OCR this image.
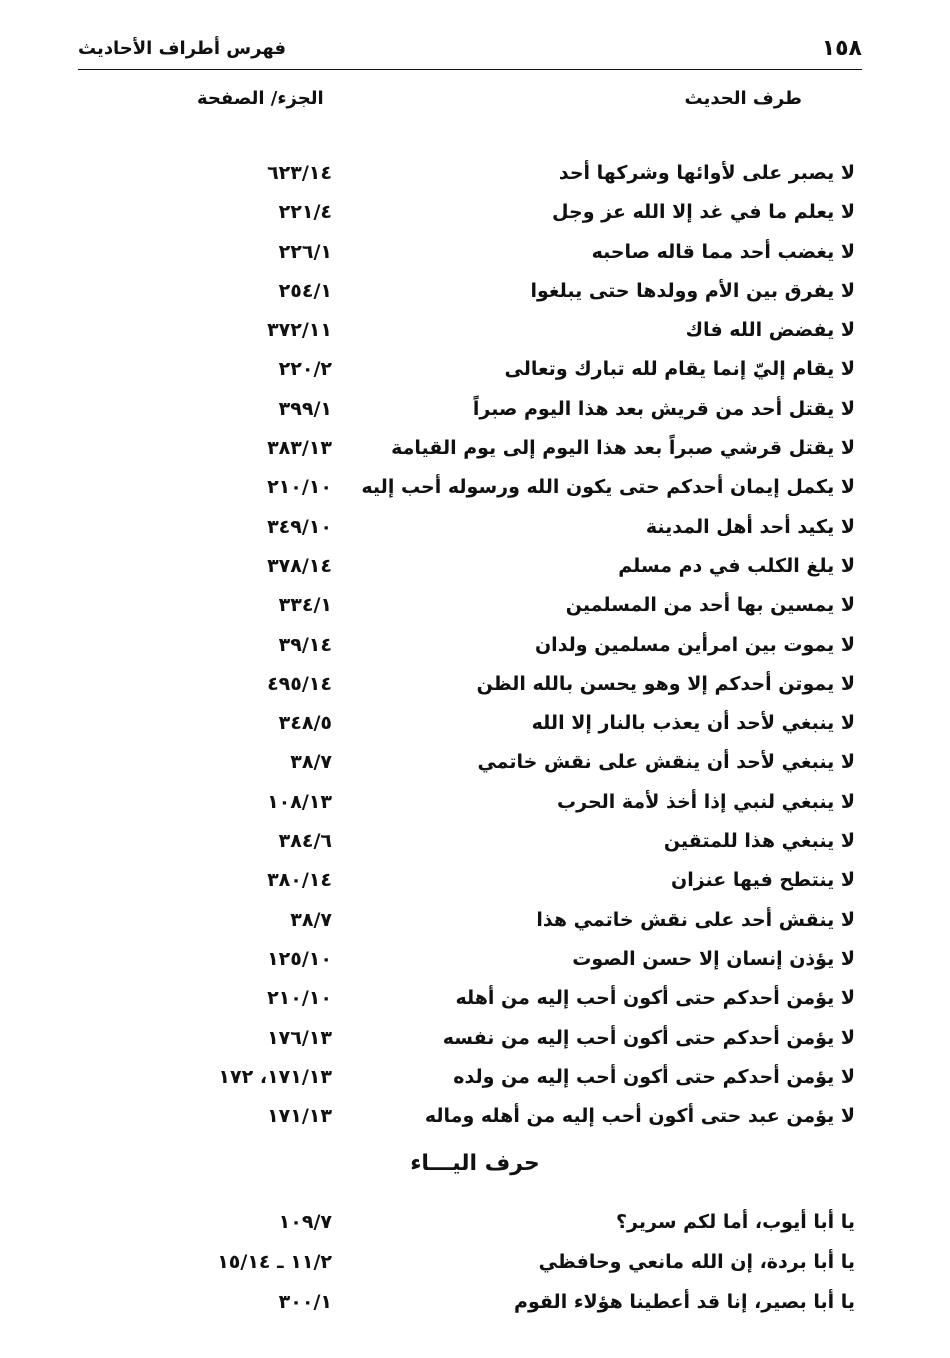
١٥٨
فهرس أطراف الأحاديث
طرف الحديث
الجزء/ الصفحة
لا يصبر على لأوائها وشركها أحد
٦٢٣/١٤
لا يعلم ما في غد إلا الله عز وجل
٢٢١/٤
لا يغضب أحد مما قاله صاحبه
٢٢٦/١
لا يفرق بين الأم وولدها حتى يبلغوا
٢٥٤/١
لا يفضض الله فاك
٣٧٢/١١
لا يقام إليّ إنما يقام لله تبارك وتعالى
٢٢٠/٢
لا يقتل أحد من قريش بعد هذا اليوم صبراً
٣٩٩/١
لا يقتل قرشي صبراً بعد هذا اليوم إلى يوم القيامة
٣٨٣/١٣
لا يكمل إيمان أحدكم حتى يكون الله ورسوله أحب إليه
٢١٠/١٠
لا يكيد أحد أهل المدينة
٣٤٩/١٠
لا يلغ الكلب في دم مسلم
٣٧٨/١٤
لا يمسين بها أحد من المسلمين
٣٣٤/١
لا يموت بين امرأين مسلمين ولدان
٣٩/١٤
لا يموتن أحدكم إلا وهو يحسن بالله الظن
٤٩٥/١٤
لا ينبغي لأحد أن يعذب بالنار إلا الله
٣٤٨/٥
لا ينبغي لأحد أن ينقش على نقش خاتمي
٣٨/٧
لا ينبغي لنبي إذا أخذ لأمة الحرب
١٠٨/١٣
لا ينبغي هذا للمتقين
٣٨٤/٦
لا ينتطح فيها عنزان
٣٨٠/١٤
لا ينقش أحد على نقش خاتمي هذا
٣٨/٧
لا يؤذن إنسان إلا حسن الصوت
١٢٥/١٠
لا يؤمن أحدكم حتى أكون أحب إليه من أهله
٢١٠/١٠
لا يؤمن أحدكم حتى أكون أحب إليه من نفسه
١٧٦/١٣
لا يؤمن أحدكم حتى أكون أحب إليه من ولده
١٧١/١٣، ١٧٢
لا يؤمن عبد حتى أكون أحب إليه من أهله وماله
١٧١/١٣
حرف اليـــاء
يا أبا أيوب، أما لكم سرير؟
١٠٩/٧
يا أبا بردة، إن الله مانعي وحافظي
١١/٢ ـ ١٥/١٤
يا أبا بصير، إنا قد أعطينا هؤلاء القوم
٣٠٠/١
